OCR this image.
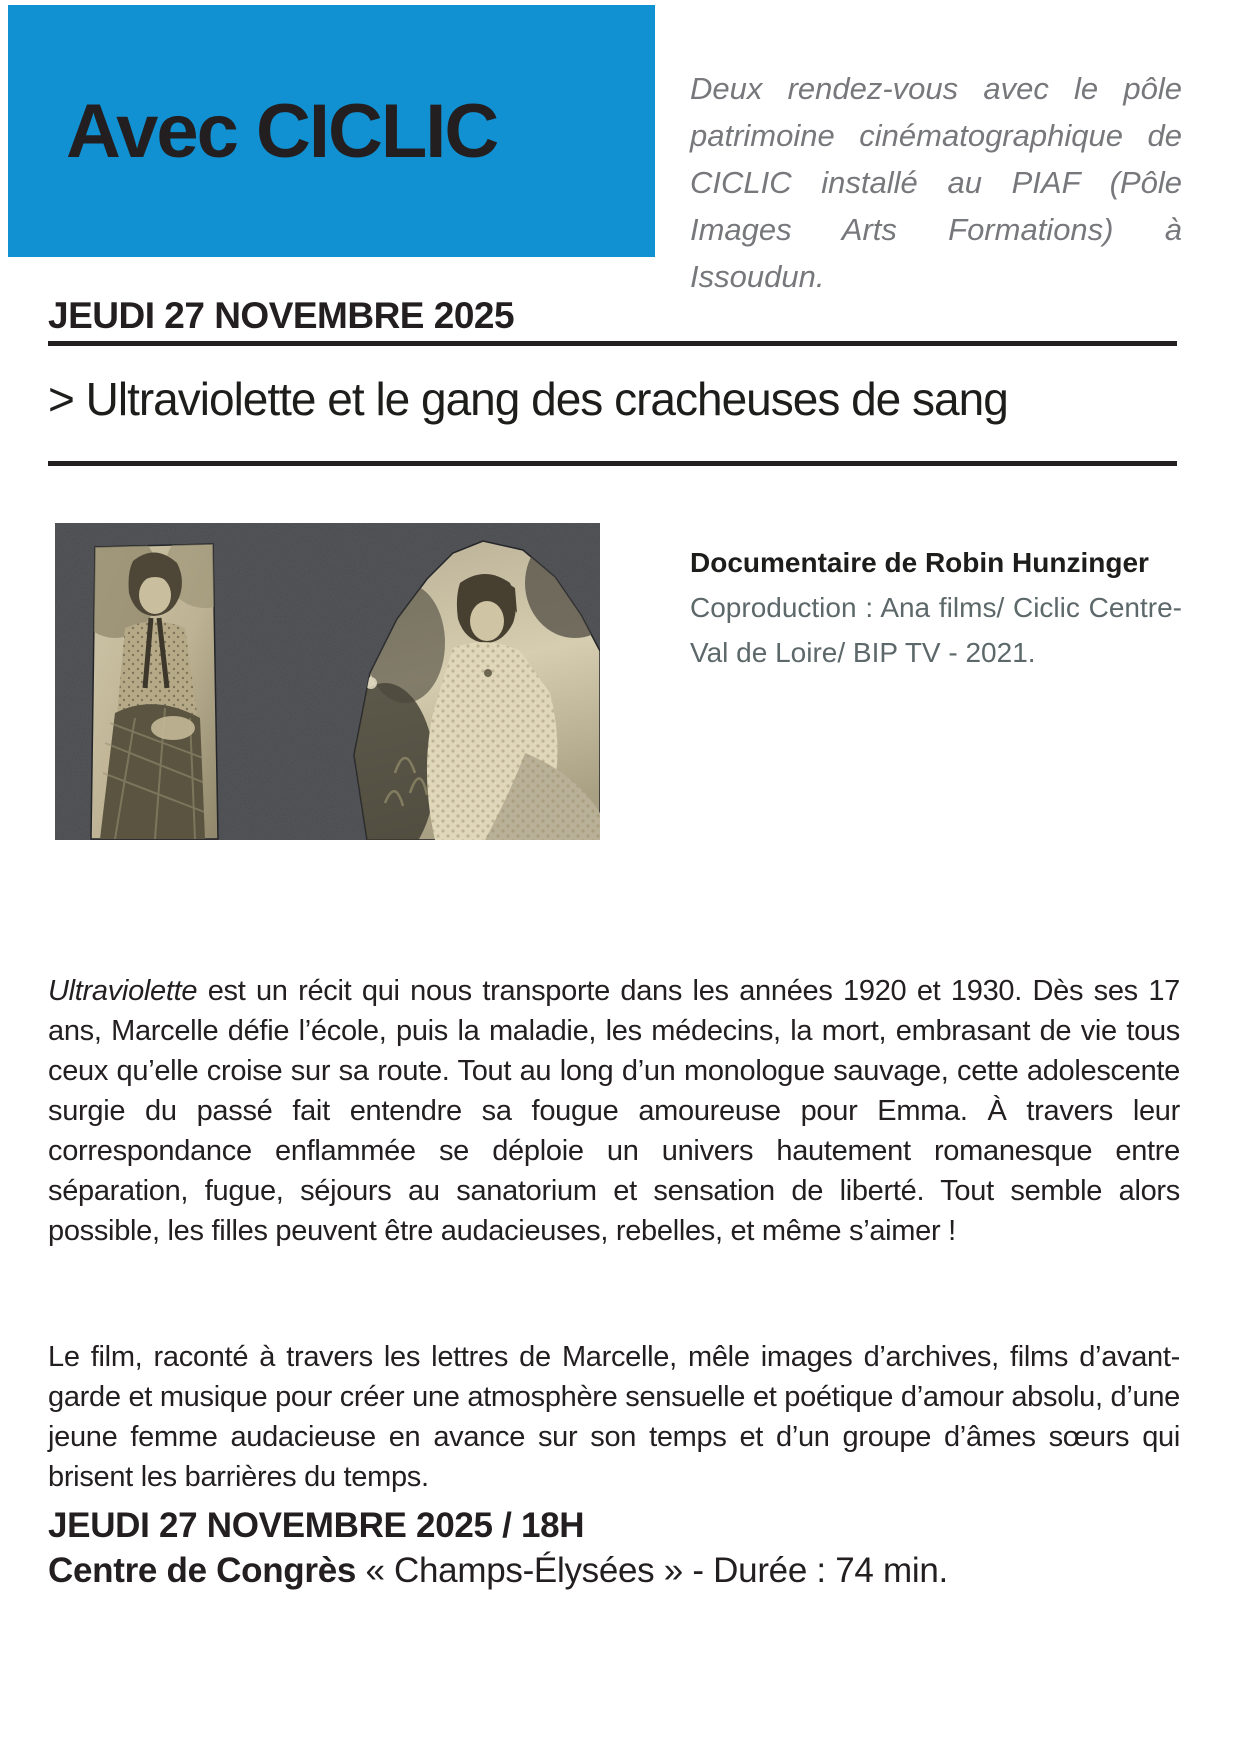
Avec CICLIC	Deux rendez-vous avec le pôle patrimoine cinématographique de CICLIC installé au PIAF (Pôle Images Arts Formations) à Issoudun.

JEUDI 27 NOVEMBRE 2025
> Ultraviolette et le gang des cracheuses de sang
Documentaire de Robin Hunzinger
Coproduction : Ana films/ Ciclic Centre-Val de Loire/ BIP TV - 2021.

Ultraviolette est un récit qui nous transporte dans les années 1920 et 1930. Dès ses 17 ans, Marcelle défie l’école, puis la maladie, les médecins, la mort, embrasant de vie tous ceux qu’elle croise sur sa route. Tout au long d’un monologue sauvage, cette adolescente surgie du passé fait entendre sa fougue amoureuse pour Emma. À travers leur correspondance enflammée se déploie un univers hautement romanesque entre séparation, fugue, séjours au sanatorium et sensation de liberté. Tout semble alors possible, les filles peuvent être audacieuses, rebelles, et même s’aimer !

Le film, raconté à travers les lettres de Marcelle, mêle images d’archives, films d’avant-garde et musique pour créer une atmosphère sensuelle et poétique d’amour absolu, d’une jeune femme audacieuse en avance sur son temps et d’un groupe d’âmes sœurs qui brisent les barrières du temps.

JEUDI 27 NOVEMBRE 2025 / 18H
Centre de Congrès « Champs-Élysées » - Durée : 74 min.
